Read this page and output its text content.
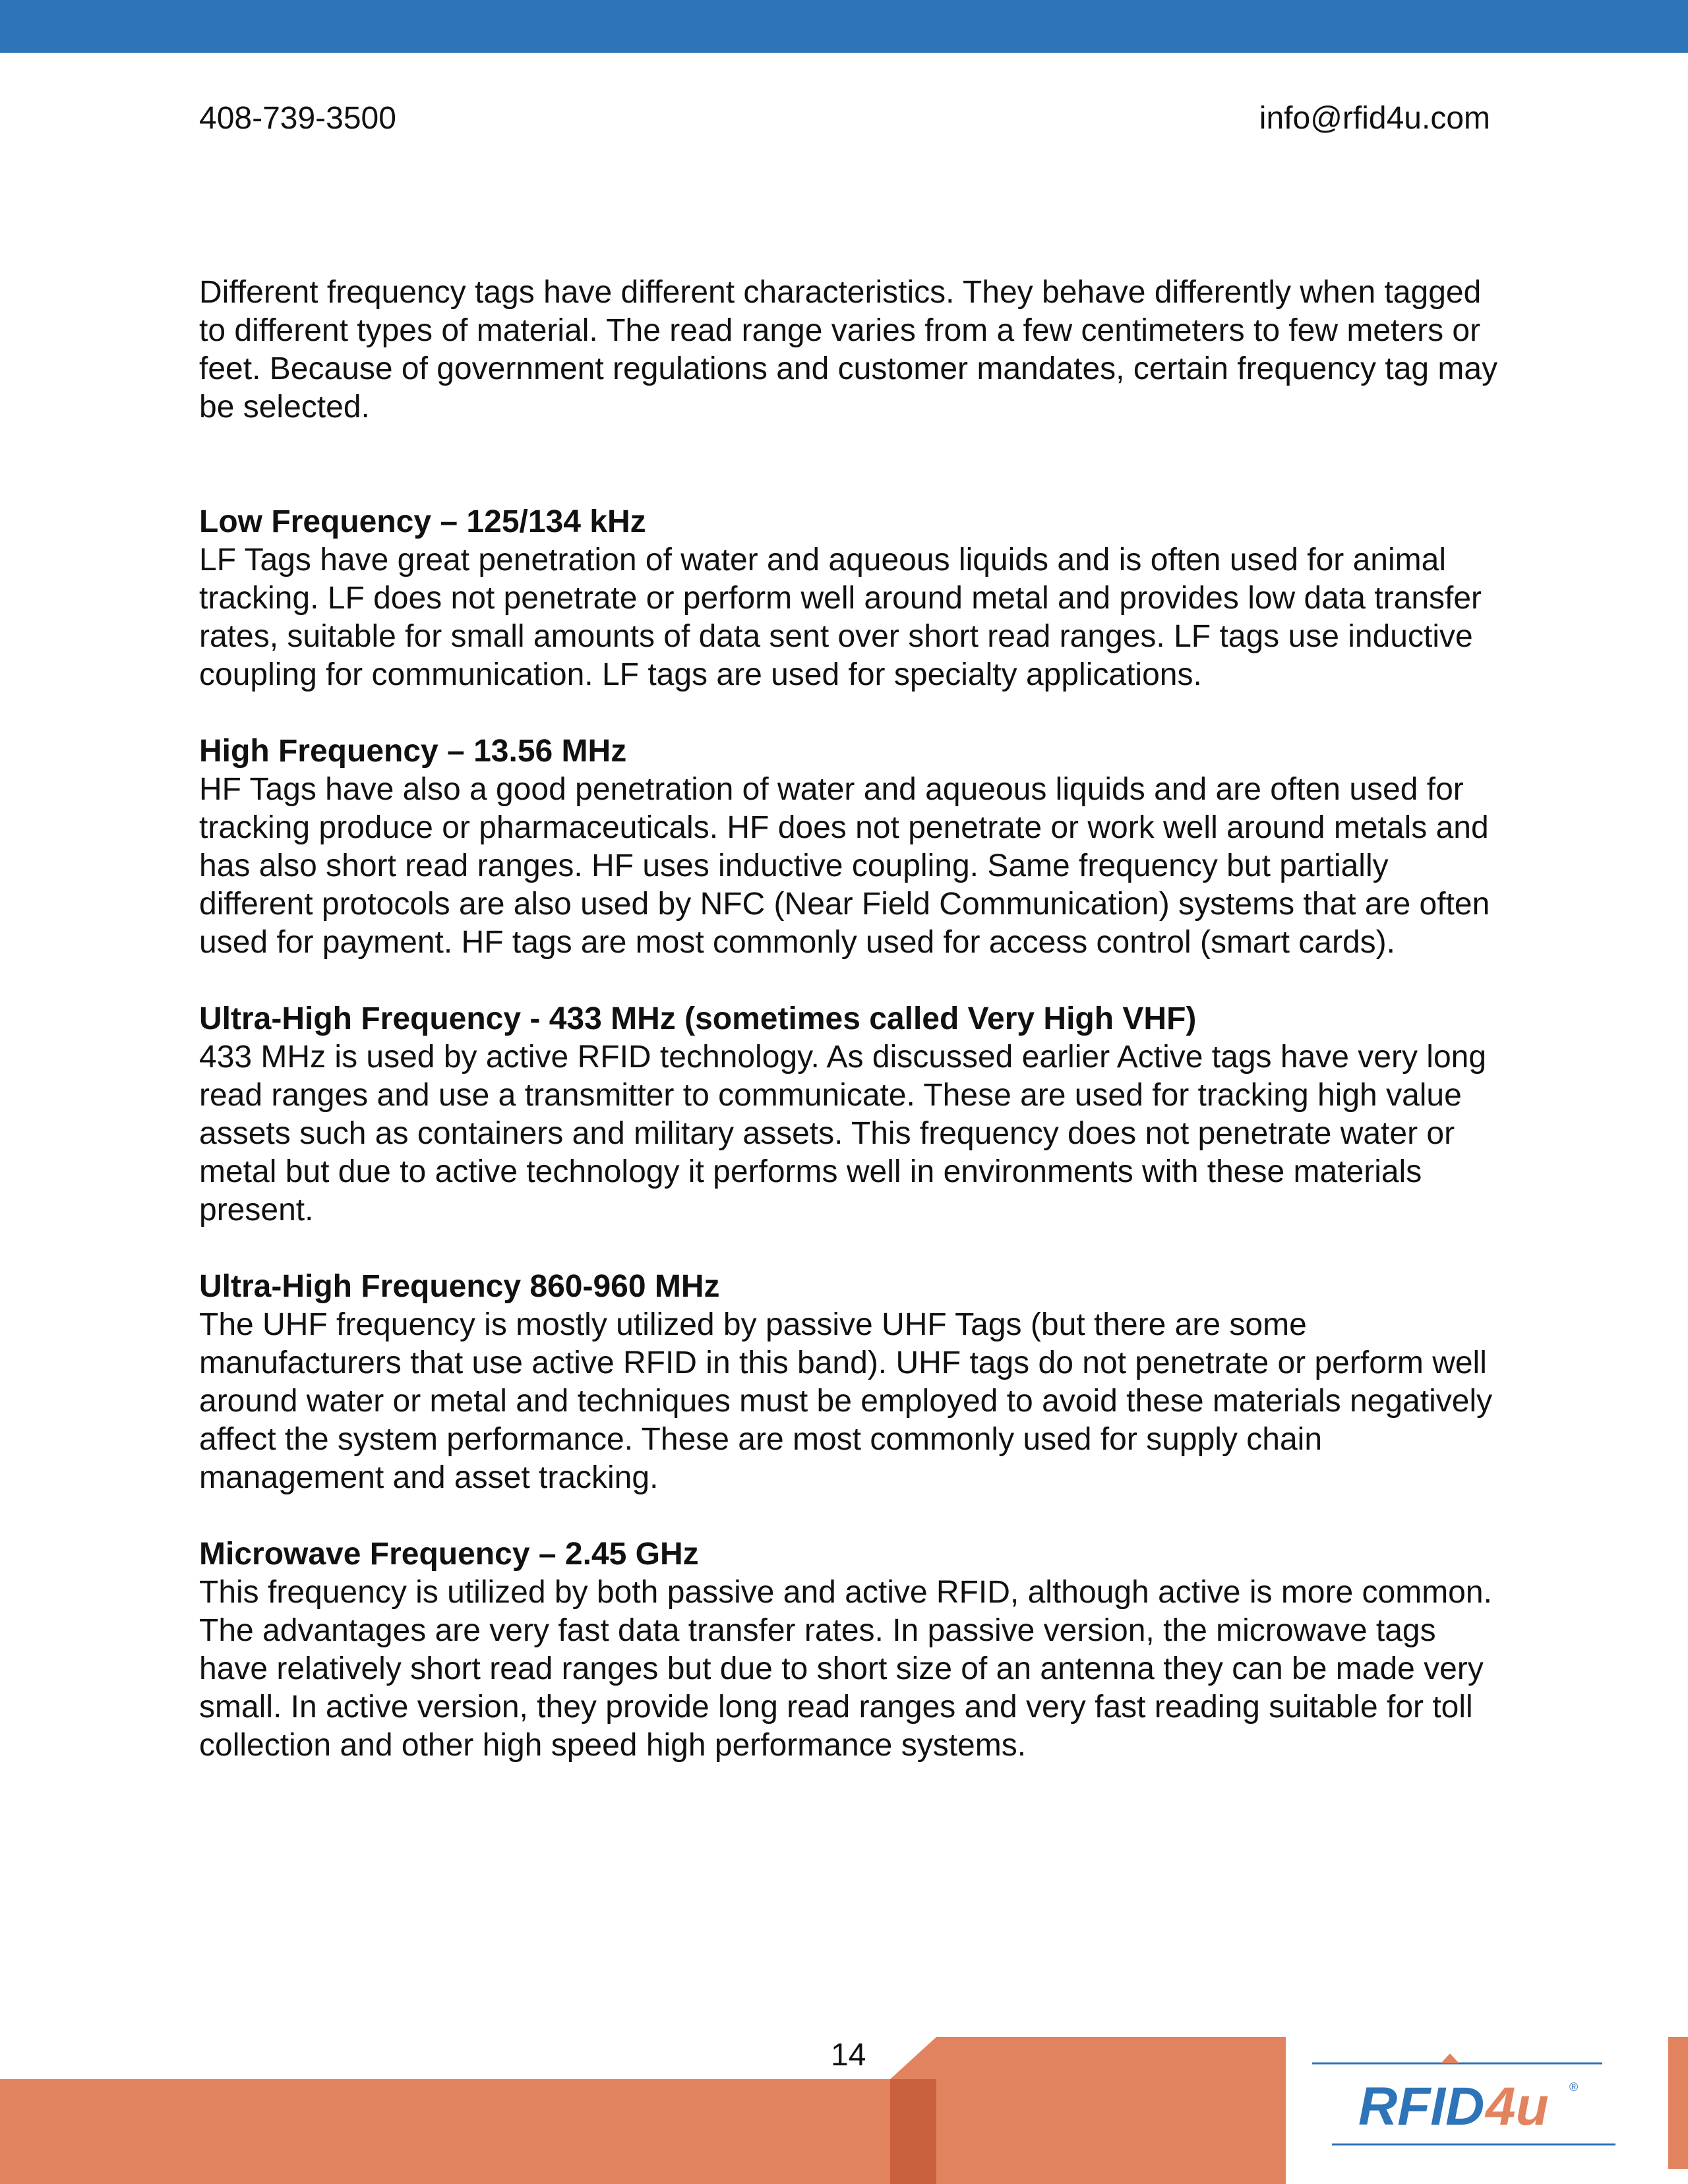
408-739-3500	info@rfid4u.com

Different frequency tags have different characteristics. They behave differently when tagged to different types of material. The read range varies from a few centimeters to few meters or feet. Because of government regulations and customer mandates, certain frequency tag may be selected.

Low Frequency – 125/134 kHz

LF Tags have great penetration of water and aqueous liquids and is often used for animal tracking. LF does not penetrate or perform well around metal and provides low data transfer rates, suitable for small amounts of data sent over short read ranges. LF tags use inductive coupling for communication. LF tags are used for specialty applications.

High Frequency – 13.56 MHz

HF Tags have also a good penetration of water and aqueous liquids and are often used for tracking produce or pharmaceuticals. HF does not penetrate or work well around metals and has also short read ranges. HF uses inductive coupling. Same frequency but partially different protocols are also used by NFC (Near Field Communication) systems that are often used for payment. HF tags are most commonly used for access control (smart cards).

Ultra-High Frequency - 433 MHz (sometimes called Very High VHF)

433 MHz is used by active RFID technology. As discussed earlier Active tags have very long read ranges and use a transmitter to communicate. These are used for tracking high value assets such as containers and military assets. This frequency does not penetrate water or metal but due to active technology it performs well in environments with these materials present.

Ultra-High Frequency 860-960 MHz

The UHF frequency is mostly utilized by passive UHF Tags (but there are some manufacturers that use active RFID in this band). UHF tags do not penetrate or perform well around water or metal and techniques must be employed to avoid these materials negatively affect the system performance. These are most commonly used for supply chain management and asset tracking.

Microwave Frequency – 2.45 GHz

This frequency is utilized by both passive and active RFID, although active is more common. The advantages are very fast data transfer rates. In passive version, the microwave tags have relatively short read ranges but due to short size of an antenna they can be made very small. In active version, they provide long read ranges and very fast reading suitable for toll collection and other high speed high performance systems.

14
RFID 4u ®
